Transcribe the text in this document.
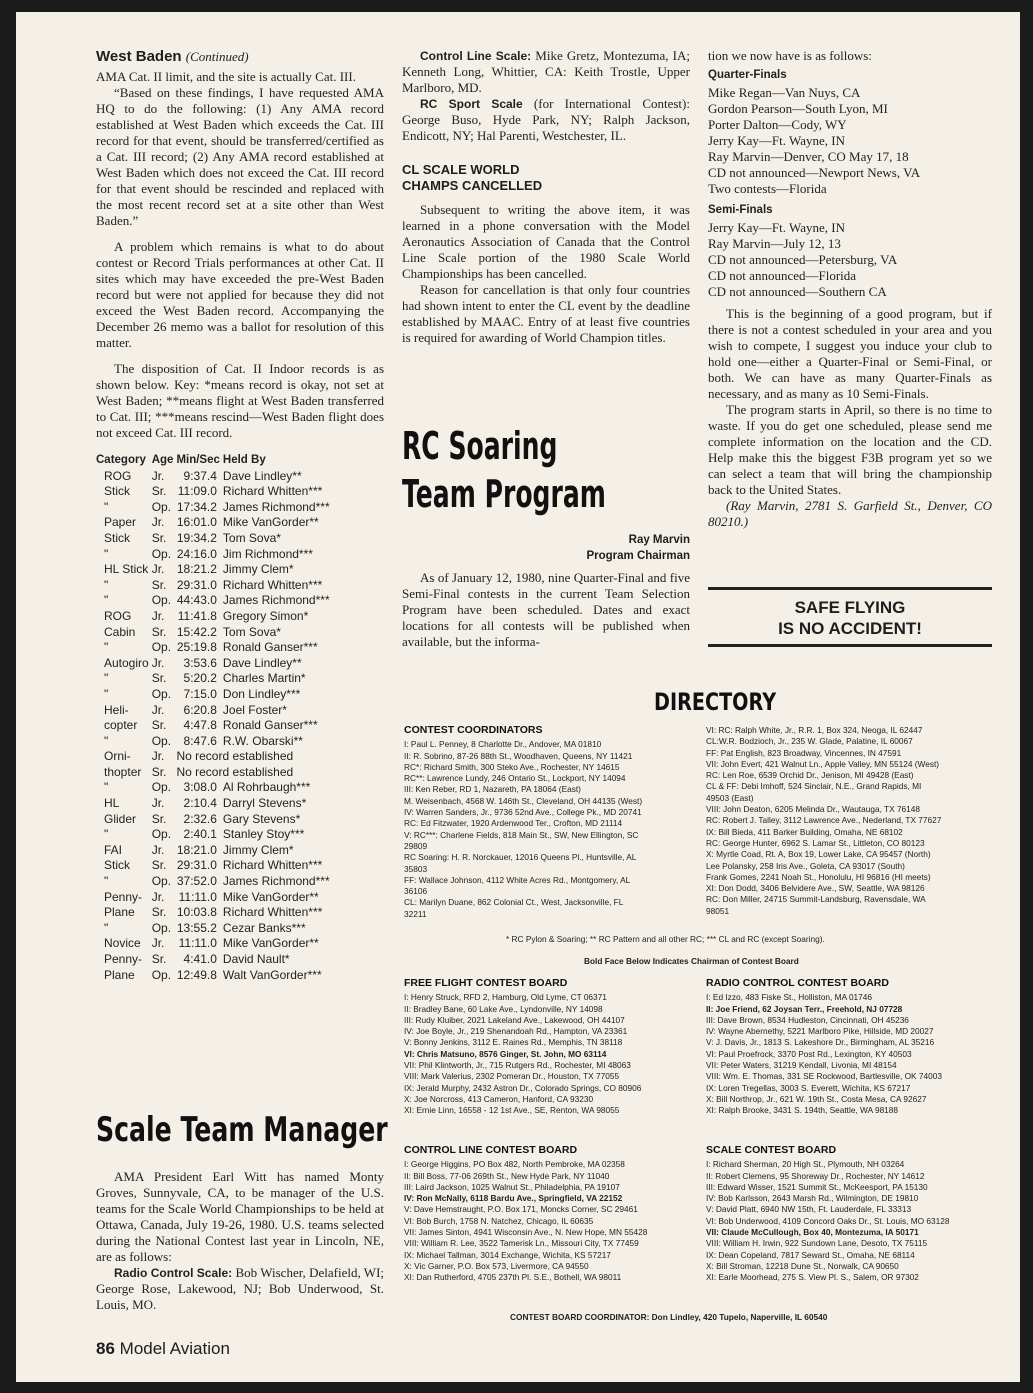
West Baden (Continued)

AMA Cat. II limit, and the site is actually Cat. III.

“Based on these findings, I have requested AMA HQ to do the following: (1) Any AMA record established at West Baden which exceeds the Cat. III record for that event, should be transferred/certified as a Cat. III record; (2) Any AMA record established at West Baden which does not exceed the Cat. III record for that event should be rescinded and replaced with the most recent record set at a site other than West Baden.”

A problem which remains is what to do about contest or Record Trials performances at other Cat. II sites which may have exceeded the pre-West Baden record but were not applied for because they did not exceed the West Baden record. Accompanying the December 26 memo was a ballot for resolution of this matter.

The disposition of Cat. II Indoor records is as shown below. Key: *means record is okay, not set at West Baden; **means flight at West Baden transferred to Cat. III; ***means rescind—West Baden flight does not exceed Cat. III record.

Category	Age	Min/Sec	Held By
ROG	Jr.	9:37.4	Dave Lindley**
Stick	Sr.	11:09.0	Richard Whitten***
"	Op.	17:34.2	James Richmond***
Paper	Jr.	16:01.0	Mike VanGorder**
Stick	Sr.	19:34.2	Tom Sova*
"	Op.	24:16.0	Jim Richmond***
HL Stick	Jr.	18:21.2	Jimmy Clem*
"	Sr.	29:31.0	Richard Whitten***
"	Op.	44:43.0	James Richmond***
ROG	Jr.	11:41.8	Gregory Simon*
Cabin	Sr.	15:42.2	Tom Sova*
"	Op.	25:19.8	Ronald Ganser***
Autogiro	Jr.	3:53.6	Dave Lindley**
"	Sr.	5:20.2	Charles Martin*
"	Op.	7:15.0	Don Lindley***
Heli-	Jr.	6:20.8	Joel Foster*
copter	Sr.	4:47.8	Ronald Ganser***
"	Op.	8:47.6	R.W. Obarski**
Orni-	Jr.	No record established	
thopter	Sr.	No record established	
"	Op.	3:08.0	Al Rohrbaugh***
HL	Jr.	2:10.4	Darryl Stevens*
Glider	Sr.	2:32.6	Gary Stevens*
"	Op.	2:40.1	Stanley Stoy***
FAI	Jr.	18:21.0	Jimmy Clem*
Stick	Sr.	29:31.0	Richard Whitten***
"	Op.	37:52.0	James Richmond***
Penny-	Jr.	11:11.0	Mike VanGorder**
Plane	Sr.	10:03.8	Richard Whitten***
"	Op.	13:55.2	Cezar Banks***
Novice	Jr.	11:11.0	Mike VanGorder**
Penny-	Sr.	4:41.0	David Nault*
Plane	Op.	12:49.8	Walt VanGorder***
Scale Team Manager

AMA President Earl Witt has named Monty Groves, Sunnyvale, CA, to be manager of the U.S. teams for the Scale World Championships to be held at Ottawa, Canada, July 19-26, 1980. U.S. teams selected during the National Contest last year in Lincoln, NE, are as follows:

Radio Control Scale: Bob Wischer, Delafield, WI; George Rose, Lakewood, NJ; Bob Underwood, St. Louis, MO.

86 Model Aviation

Control Line Scale: Mike Gretz, Montezuma, IA; Kenneth Long, Whittier, CA: Keith Trostle, Upper Marlboro, MD.

RC Sport Scale (for International Contest): George Buso, Hyde Park, NY; Ralph Jackson, Endicott, NY; Hal Parenti, Westchester, IL.

CL SCALE WORLD
CHAMPS CANCELLED

Subsequent to writing the above item, it was learned in a phone conversation with the Model Aeronautics Association of Canada that the Control Line Scale portion of the 1980 Scale World Championships has been cancelled.

Reason for cancellation is that only four countries had shown intent to enter the CL event by the deadline established by MAAC. Entry of at least five countries is required for awarding of World Champion titles.

RC Soaring
Team Program
Ray Marvin
Program Chairman

As of January 12, 1980, nine Quarter-Final and five Semi-Final contests in the current Team Selection Program have been scheduled. Dates and exact locations for all contests will be published when available, but the informa-

tion we now have is as follows:

Quarter-Finals

Mike Regan—Van Nuys, CA

Gordon Pearson—South Lyon, MI

Porter Dalton—Cody, WY

Jerry Kay—Ft. Wayne, IN

Ray Marvin—Denver, CO May 17, 18

CD not announced—Newport News, VA

Two contests—Florida

Semi-Finals

Jerry Kay—Ft. Wayne, IN

Ray Marvin—July 12, 13

CD not announced—Petersburg, VA

CD not announced—Florida

CD not announced—Southern CA

This is the beginning of a good program, but if there is not a contest scheduled in your area and you wish to compete, I suggest you induce your club to hold one—either a Quarter-Final or Semi-Final, or both. We can have as many Quarter-Finals as necessary, and as many as 10 Semi-Finals.

The program starts in April, so there is no time to waste. If you do get one scheduled, please send me complete information on the location and the CD. Help make this the biggest F3B program yet so we can select a team that will bring the championship back to the United States.

(Ray Marvin, 2781 S. Garfield St., Denver, CO 80210.)

SAFE FLYING
IS NO ACCIDENT!
DIRECTORY
CONTEST COORDINATORS

I: Paul L. Penney, 8 Charlotte Dr., Andover, MA 01810

II: R. Sobrino, 87-26 88th St., Woodhaven, Queens, NY 11421

RC*: Richard Smith, 300 Steko Ave., Rochester, NY 14615

RC**: Lawrence Lundy, 246 Ontario St., Lockport, NY 14094

III: Ken Reber, RD 1, Nazareth, PA 18064 (East)

M. Weisenbach, 4568 W. 146th St., Cleveland, OH 44135 (West)

IV: Warren Sanders, Jr., 9736 52nd Ave., College Pk., MD 20741

RC: Ed Fitzwater, 1920 Ardenwood Ter., Crofton, MD 21114

V: RC***: Charlene Fields, 818 Main St., SW, New Ellington, SC

29809

RC Soaring: H. R. Norckauer, 12016 Queens Pl., Huntsville, AL

35803

FF: Wallace Johnson, 4112 White Acres Rd., Montgomery, AL

36106

CL: Marilyn Duane, 862 Colonial Ct., West, Jacksonville, FL

32211

VI: RC: Ralph White, Jr., R.R. 1, Box 324, Neoga, IL 62447

CL:W.R. Bodzioch, Jr., 235 W. Glade, Palatine, IL 60067

FF: Pat English, 823 Broadway, Vincennes, IN 47591

VII: John Evert, 421 Walnut Ln., Apple Valley, MN 55124 (West)

RC: Len Roe, 6539 Orchid Dr., Jenison, MI 49428 (East)

CL & FF: Debi Imhoff, 524 Sinclair, N.E., Grand Rapids, MI

49503 (East)

VIII: John Deaton, 6205 Melinda Dr., Wautauga, TX 76148

RC: Robert J. Talley, 3112 Lawrence Ave., Nederland, TX 77627

IX: Bill Bieda, 411 Barker Building, Omaha, NE 68102

RC: George Hunter, 6962 S. Lamar St., Littleton, CO 80123

X: Myrtle Coad, Rt. A, Box 19, Lower Lake, CA 95457 (North)

Lee Polansky, 258 Iris Ave., Goleta, CA 93017 (South)

Frank Gomes, 2241 Noah St., Honolulu, HI 96816 (HI meets)

XI: Don Dodd, 3406 Belvidere Ave., SW, Seattle, WA 98126

RC: Don Miller, 24715 Summit-Landsburg, Ravensdale, WA

98051

* RC Pylon & Soaring; ** RC Pattern and all other RC; *** CL and RC (except Soaring).
Bold Face Below Indicates Chairman of Contest Board
FREE FLIGHT CONTEST BOARD

I: Henry Struck, RFD 2, Hamburg, Old Lyme, CT 06371

II: Bradley Bane, 60 Lake Ave., Lyndonville, NY 14098

III: Rudy Kluiber, 2021 Lakeland Ave., Lakewood, OH 44107

IV: Joe Boyle, Jr., 219 Shenandoah Rd., Hampton, VA 23361

V: Bonny Jenkins, 3112 E. Raines Rd., Memphis, TN 38118

VI: Chris Matsuno, 8576 Ginger, St. John, MO 63114

VII: Phil Klintworth, Jr., 715 Rutgers Rd., Rochester, MI 48063

VIII: Mark Valerius, 2302 Pomeran Dr., Houston, TX 77055

IX: Jerald Murphy, 2432 Astron Dr., Colorado Springs, CO 80906

X: Joe Norcross, 413 Cameron, Hanford, CA 93230

XI: Ernie Linn, 16558 - 12 1st Ave., SE, Renton, WA 98055

RADIO CONTROL CONTEST BOARD

I: Ed Izzo, 483 Fiske St., Holliston, MA 01746

II: Joe Friend, 62 Joysan Terr., Freehold, NJ 07728

III: Dave Brown, 8534 Hudleston, Cincinnati, OH 45236

IV: Wayne Abernethy, 5221 Marlboro Pike, Hillside, MD 20027

V: J. Davis, Jr., 1813 S. Lakeshore Dr., Birmingham, AL 35216

VI: Paul Proefrock, 3370 Post Rd., Lexington, KY 40503

VII: Peter Waters, 31219 Kendall, Livonia, MI 48154

VIII: Wm. E. Thomas, 331 SE Rockwood, Bartlesville, OK 74003

IX: Loren Tregellas, 3003 S. Everett, Wichita, KS 67217

X: Bill Northrop, Jr., 621 W. 19th St., Costa Mesa, CA 92627

XI: Ralph Brooke, 3431 S. 194th, Seattle, WA 98188

CONTROL LINE CONTEST BOARD

I: George Higgins, PO Box 482, North Pembroke, MA 02358

II: Bill Boss, 77-06 269th St., New Hyde Park, NY 11040

III: Laird Jackson, 1025 Walnut St., Philadelphia, PA 19107

IV: Ron McNally, 6118 Bardu Ave., Springfield, VA 22152

V: Dave Hemstraught, P.O. Box 171, Moncks Corner, SC 29461

VI: Bob Burch, 1758 N. Natchez, Chicago, IL 60635

VII: James Sinton, 4941 Wisconsin Ave., N. New Hope, MN 55428

VIII: William R. Lee, 3522 Tamerisk Ln., Missouri City, TX 77459

IX: Michael Tallman, 3014 Exchange, Wichita, KS 57217

X: Vic Garner, P.O. Box 573, Livermore, CA 94550

XI: Dan Rutherford, 4705 237th Pl. S.E., Bothell, WA 98011

SCALE CONTEST BOARD

I: Richard Sherman, 20 High St., Plymouth, NH 03264

II: Robert Clemens, 95 Shoreway Dr., Rochester, NY 14612

III: Edward Wisser, 1521 Summit St., McKeesport, PA 15130

IV: Bob Karlsson, 2643 Marsh Rd., Wilmington, DE 19810

V: David Platt, 6940 NW 15th, Ft. Lauderdale, FL 33313

VI: Bob Underwood, 4109 Concord Oaks Dr., St. Louis, MO 63128

VII: Claude McCullough, Box 40, Montezuma, IA 50171

VIII: William H. Irwin, 922 Sundown Lane, Desoto, TX 75115

IX: Dean Copeland, 7817 Seward St., Omaha, NE 68114

X: Bill Stroman, 12218 Dune St., Norwalk, CA 90650

XI: Earle Moorhead, 275 S. View Pl. S., Salem, OR 97302

CONTEST BOARD COORDINATOR: Don Lindley, 420 Tupelo, Naperville, IL 60540
